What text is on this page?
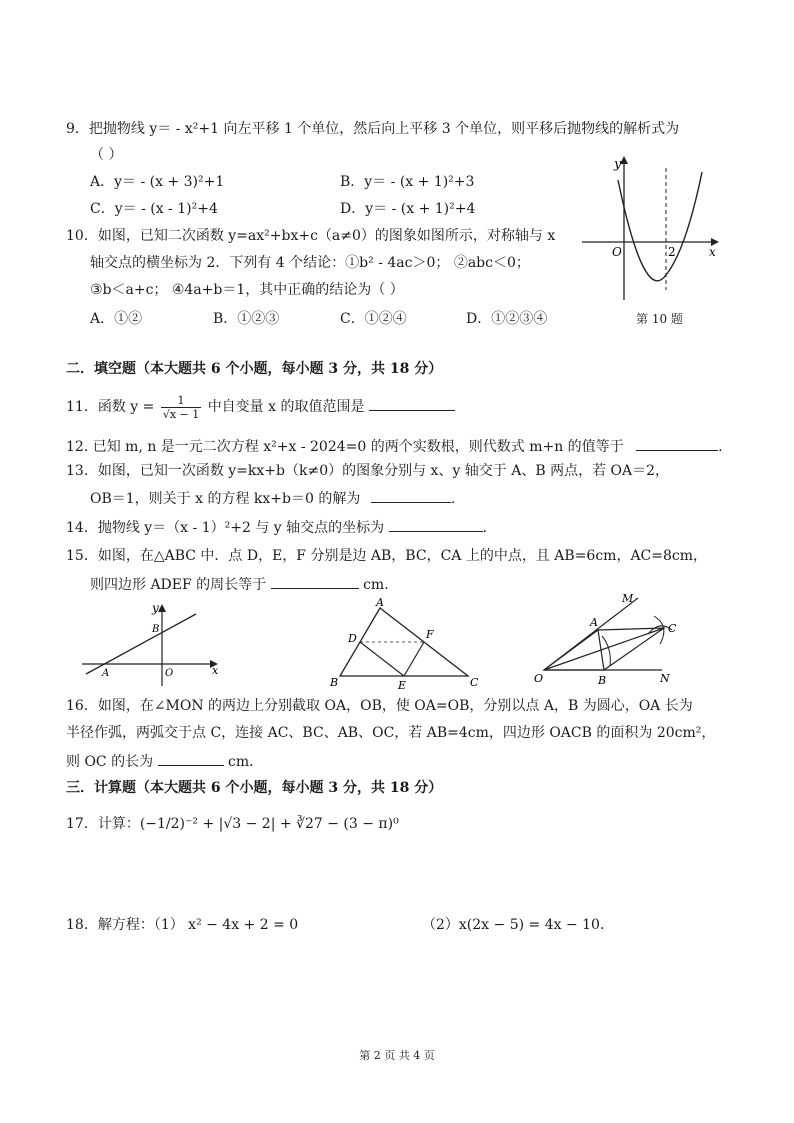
9．把抛物线 y＝ - x²+1 向左平移 1 个单位，然后向上平移 3 个单位，则平移后抛物线的解析式为
（ ）
A．y＝ - (x + 3)²+1	B．y＝ - (x + 1)²+3
C．y＝ - (x - 1)²+4	D．y＝ - (x + 1)²+4
10．如图，已知二次函数 y=ax²+bx+c（a≠0）的图象如图所示，对称轴与 x
轴交点的横坐标为 2．下列有 4 个结论：①b² - 4ac＞0； ②abc＜0；
③b＜a+c； ④4a+b＝1，其中正确的结论为（ ）
A．①②	B．①②③	C．①②④	D．①②③④
y
O	2	x
第 10 题
二．填空题（本大题共 6 个小题，每小题 3 分，共 18 分）
11．函数 $y = \frac{1}{√x - 1}$ 中自变量 x 的取值范围是
12. 已知 m, n 是一元二次方程 x²+x - 2024=0 的两个实数根，则代数式 m+n 的值等于	.
13．如图，已知一次函数 y=kx+b（k≠0）的图象分别与 x、y 轴交于 A、B 两点，若 OA＝2，
OB＝1，则关于 x 的方程 kx+b＝0 的解为	.
14．抛物线 y＝（x - 1）²+2 与 y 轴交点的坐标为	.
15．如图，在△ABC 中．点 D，E，F 分别是边 AB，BC，CA 上的中点，且 AB=6cm，AC=8cm，
则四边形 ADEF 的周长等于	cm．
y
B
A	O	x
A
D	F
B	E	C
M
A	C
O	B	N
16．如图，在∠MON 的两边上分别截取 OA，OB，使 OA=OB，分别以点 A，B 为圆心，OA 长为
半径作弧，两弧交于点 C，连接 AC、BC、AB、OC，若 AB=4cm，四边形 OACB 的面积为 20cm²，
则 OC 的长为	cm．
三．计算题（本大题共 6 个小题，每小题 3 分，共 18 分）
17．计算：(−1/2)⁻² + |√3 − 2| + ∛27 − (3 − π)⁰
18．解方程：（1） x² − 4x + 2 = 0	（2）x(2x − 5) = 4x − 10．
第 2 页 共 4 页
